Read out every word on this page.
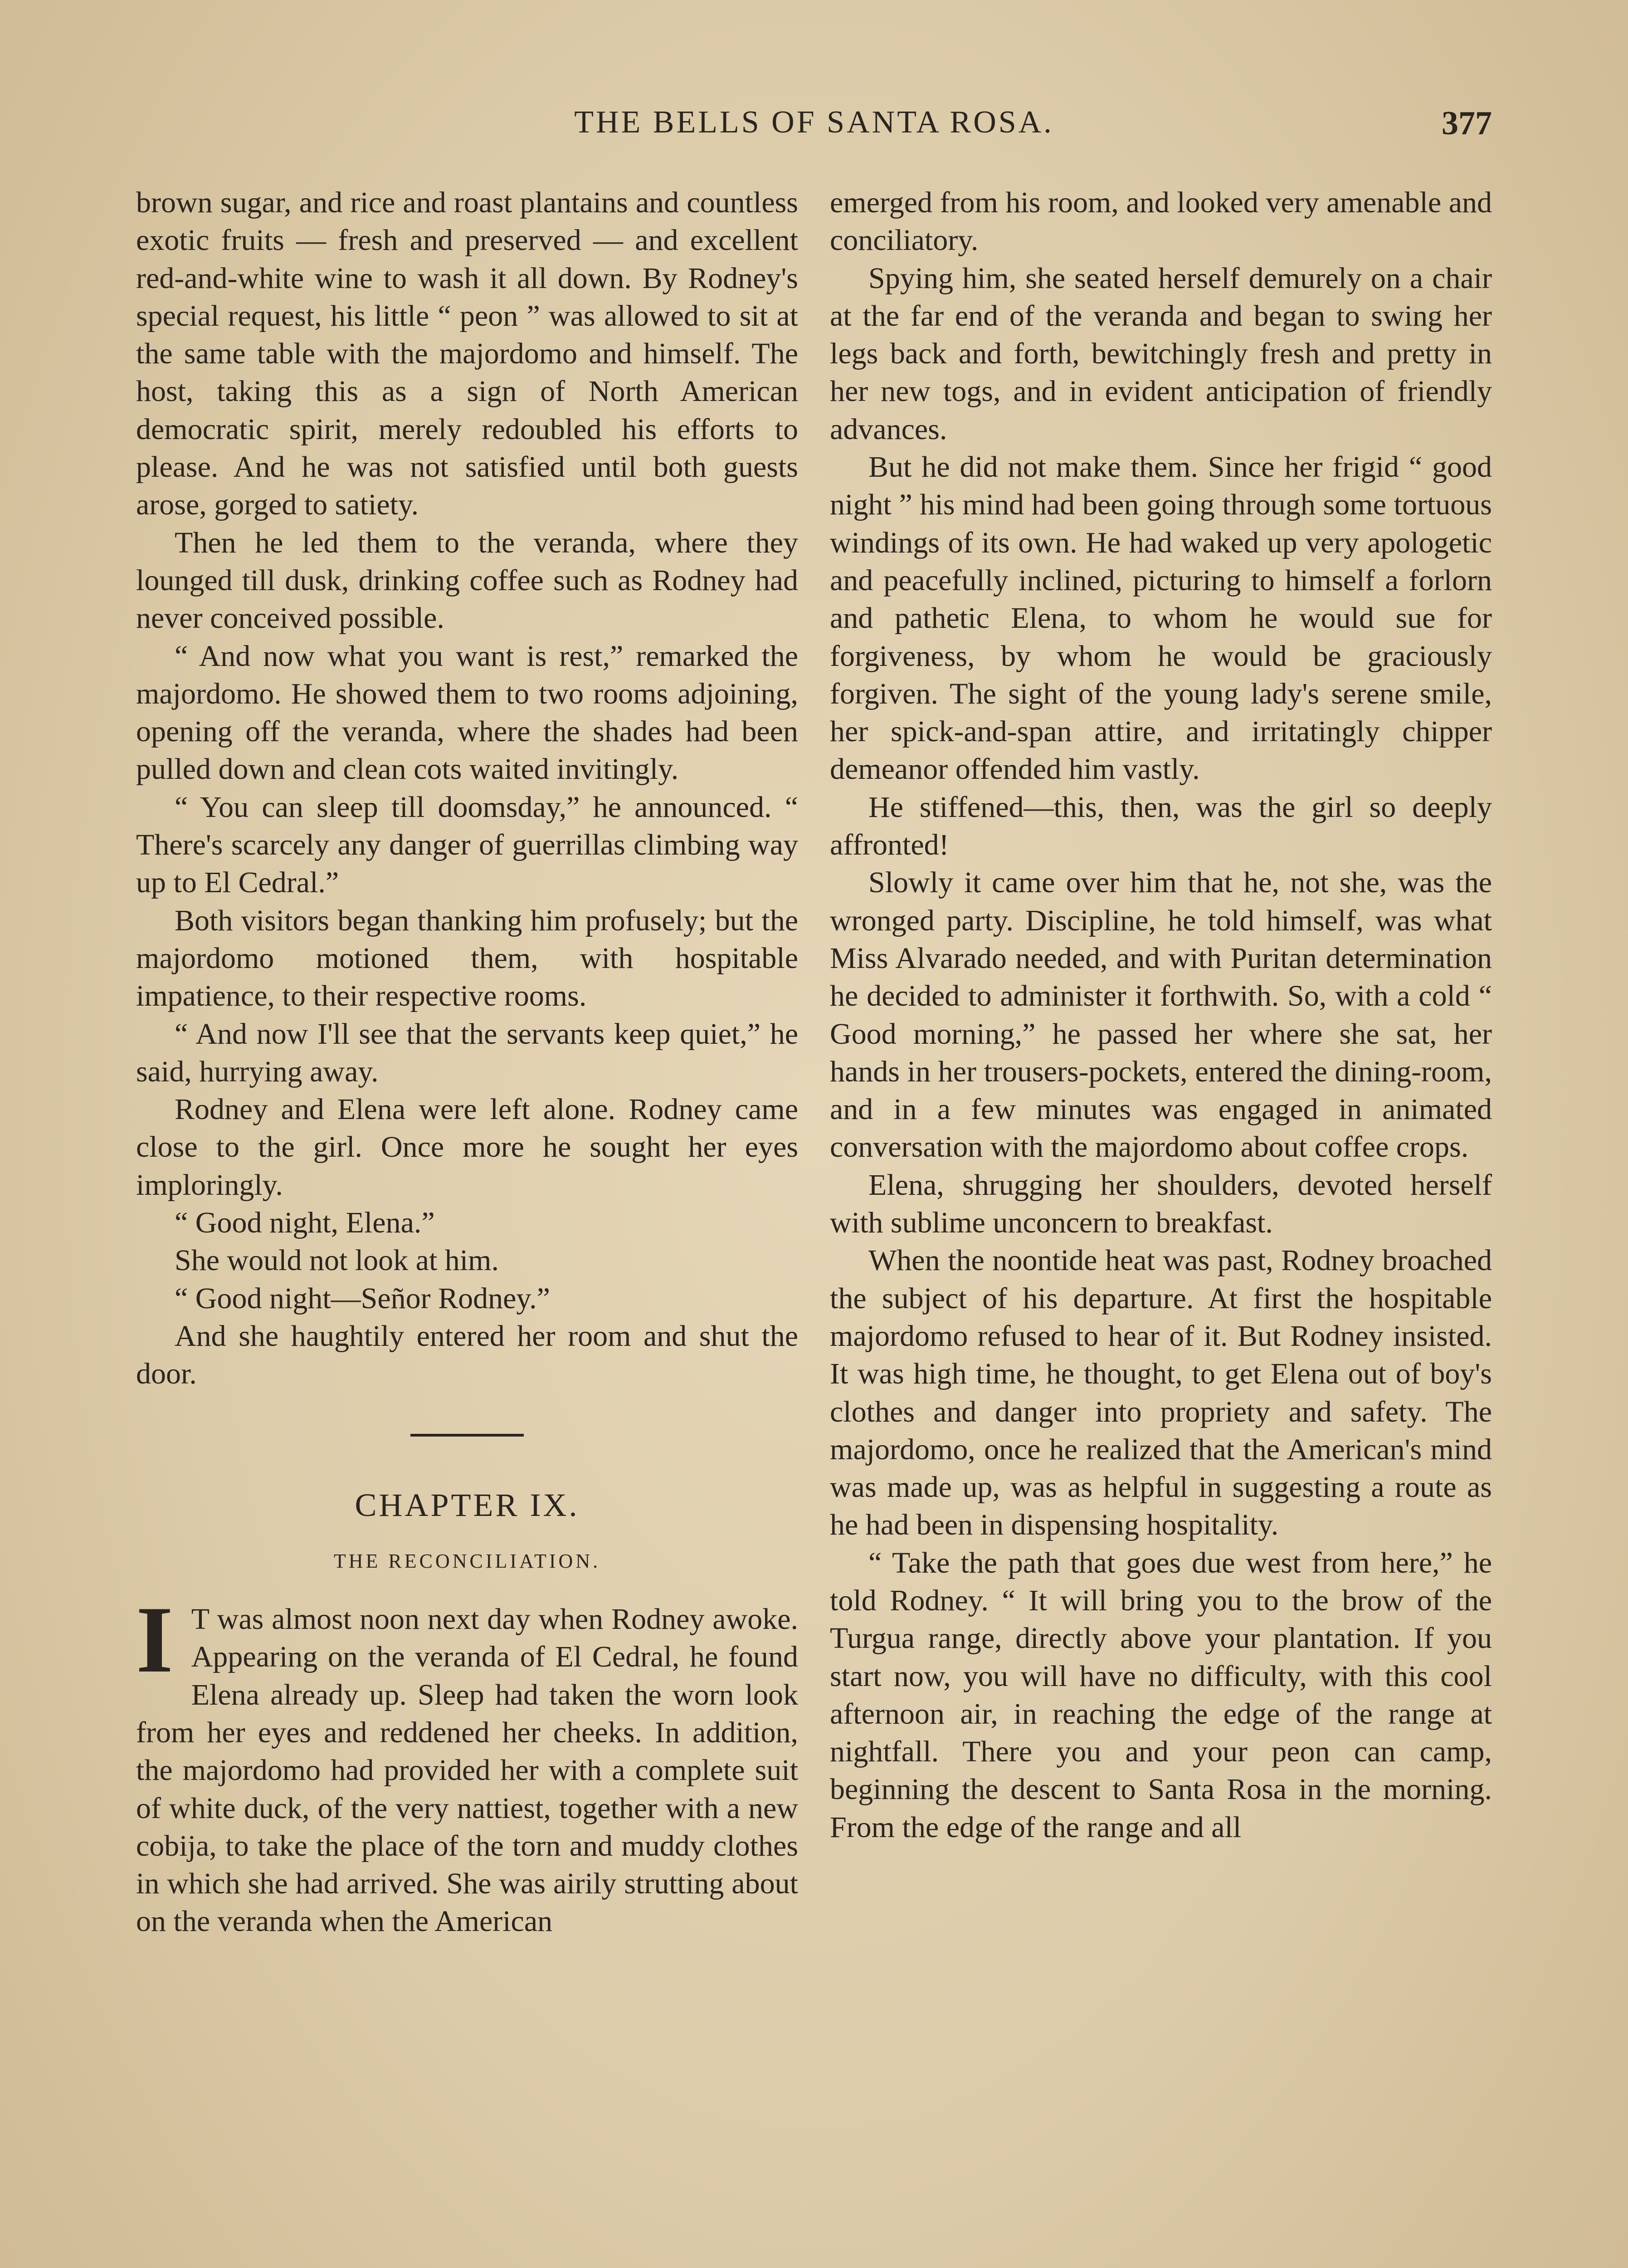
THE BELLS OF SANTA ROSA.	377

brown sugar, and rice and roast plantains and countless exotic fruits — fresh and preserved — and excellent red-and-white wine to wash it all down. By Rodney's special request, his little “ peon ” was allowed to sit at the same table with the majordomo and himself. The host, taking this as a sign of North American democratic spirit, merely redoubled his efforts to please. And he was not satisfied until both guests arose, gorged to satiety.

Then he led them to the veranda, where they lounged till dusk, drinking coffee such as Rodney had never conceived possible.

“ And now what you want is rest,” remarked the majordomo. He showed them to two rooms adjoining, opening off the veranda, where the shades had been pulled down and clean cots waited invitingly.

“ You can sleep till doomsday,” he announced. “ There's scarcely any danger of guerrillas climbing way up to El Cedral.”

Both visitors began thanking him profusely; but the majordomo motioned them, with hospitable impatience, to their respective rooms.

“ And now I'll see that the servants keep quiet,” he said, hurrying away.

Rodney and Elena were left alone. Rodney came close to the girl. Once more he sought her eyes imploringly.

“ Good night, Elena.”

She would not look at him.

“ Good night—Señor Rodney.”

And she haughtily entered her room and shut the door.

CHAPTER IX.
THE RECONCILIATION.
I T was almost noon next day when Rodney awoke. Appearing on the veranda of El Cedral, he found Elena already up. Sleep had taken the worn look from her eyes and reddened her cheeks. In addition, the majordomo had provided her with a complete suit of white duck, of the very nattiest, together with a new cobija, to take the place of the torn and muddy clothes in which she had arrived. She was airily strutting about on the veranda when the American

emerged from his room, and looked very amenable and conciliatory.

Spying him, she seated herself demurely on a chair at the far end of the veranda and began to swing her legs back and forth, bewitchingly fresh and pretty in her new togs, and in evident anticipation of friendly advances.

But he did not make them. Since her frigid “ good night ” his mind had been going through some tortuous windings of its own. He had waked up very apologetic and peacefully inclined, picturing to himself a forlorn and pathetic Elena, to whom he would sue for forgiveness, by whom he would be graciously forgiven. The sight of the young lady's serene smile, her spick-and-span attire, and irritatingly chipper demeanor offended him vastly.

He stiffened—this, then, was the girl so deeply affronted!

Slowly it came over him that he, not she, was the wronged party. Discipline, he told himself, was what Miss Alvarado needed, and with Puritan determination he decided to administer it forthwith. So, with a cold “ Good morning,” he passed her where she sat, her hands in her trousers-pockets, entered the dining-room, and in a few minutes was engaged in animated conversation with the majordomo about coffee crops.

Elena, shrugging her shoulders, devoted herself with sublime unconcern to breakfast.

When the noontide heat was past, Rodney broached the subject of his departure. At first the hospitable majordomo refused to hear of it. But Rodney insisted. It was high time, he thought, to get Elena out of boy's clothes and danger into propriety and safety. The majordomo, once he realized that the American's mind was made up, was as helpful in suggesting a route as he had been in dispensing hospitality.

“ Take the path that goes due west from here,” he told Rodney. “ It will bring you to the brow of the Turgua range, directly above your plantation. If you start now, you will have no difficulty, with this cool afternoon air, in reaching the edge of the range at nightfall. There you and your peon can camp, beginning the descent to Santa Rosa in the morning. From the edge of the range and all
